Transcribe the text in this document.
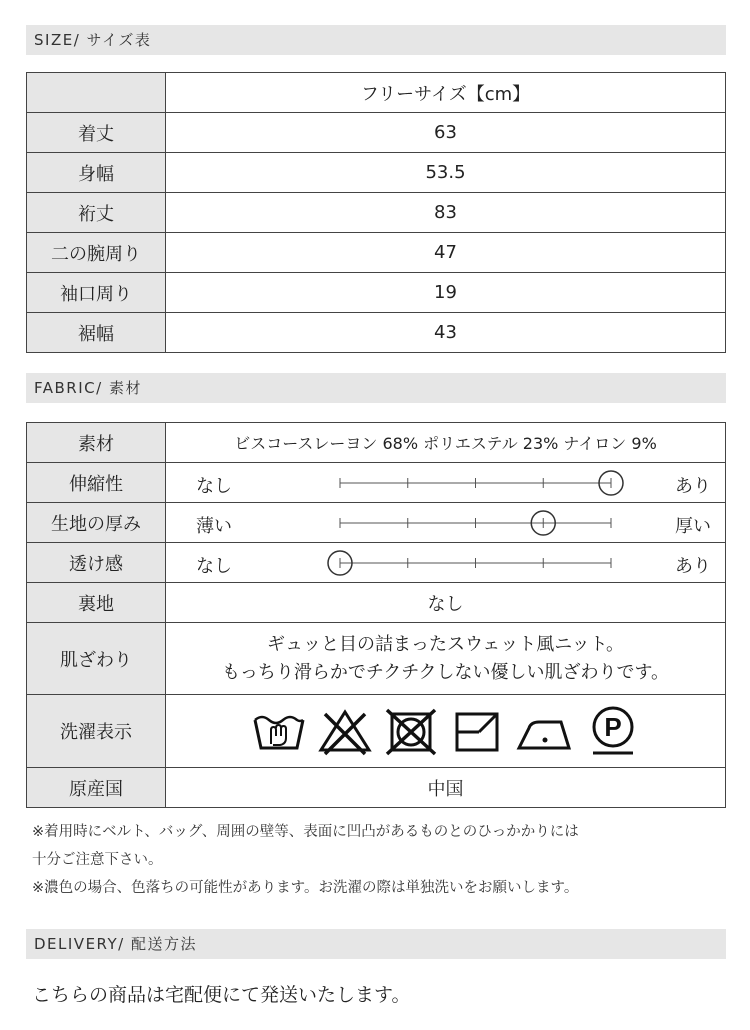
SIZE/ サイズ表
	フリーサイズ【cm】
着丈	63
身幅	53.5
裄丈	83
二の腕周り	47
袖口周り	19
裾幅	43
FABRIC/ 素材
素材	ビスコースレーヨン 68% ポリエステル 23% ナイロン 9%
伸縮性	なし あり

生地の厚み	薄い 厚い

透け感	なし あり

裏地	なし
肌ざわり	ギュッと目の詰まったスウェット風ニット。
もっちり滑らかでチクチクしない優しい肌ざわりです。

洗濯表示	P

原産国	中国
※着用時にベルト、バッグ、周囲の壁等、表面に凹凸があるものとのひっかかりには
十分ご注意下さい。
※濃色の場合、色落ちの可能性があります。お洗濯の際は単独洗いをお願いします。
DELIVERY/ 配送方法
こちらの商品は宅配便にて発送いたします。
